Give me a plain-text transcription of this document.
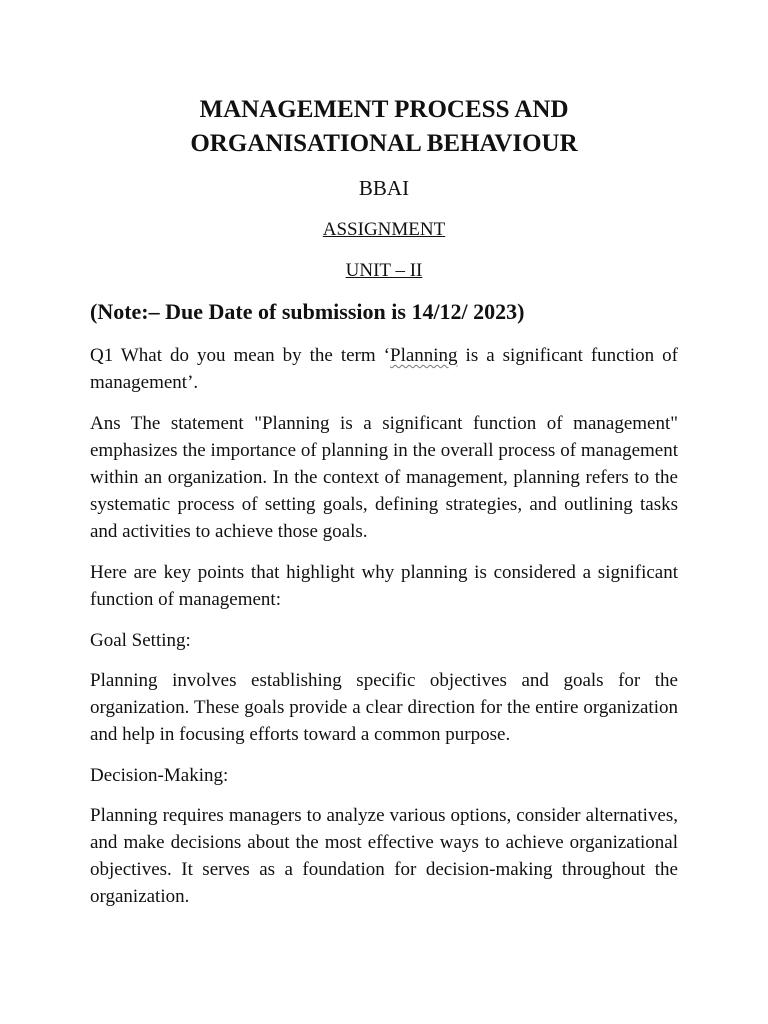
MANAGEMENT PROCESS AND
ORGANISATIONAL BEHAVIOUR

BBAI

ASSIGNMENT

UNIT – II

(Note:– Due Date of submission is 14/12/ 2023)

Q1 What do you mean by the term ‘Planning is a significant function of management’.

Ans The statement "Planning is a significant function of management" emphasizes the importance of planning in the overall process of management within an organization. In the context of management, planning refers to the systematic process of setting goals, defining strategies, and outlining tasks and activities to achieve those goals.

Here are key points that highlight why planning is considered a significant function of management:

Goal Setting:

Planning involves establishing specific objectives and goals for the organization. These goals provide a clear direction for the entire organization and help in focusing efforts toward a common purpose.

Decision-Making:

Planning requires managers to analyze various options, consider alternatives, and make decisions about the most effective ways to achieve organizational objectives. It serves as a foundation for decision-making throughout the organization.
